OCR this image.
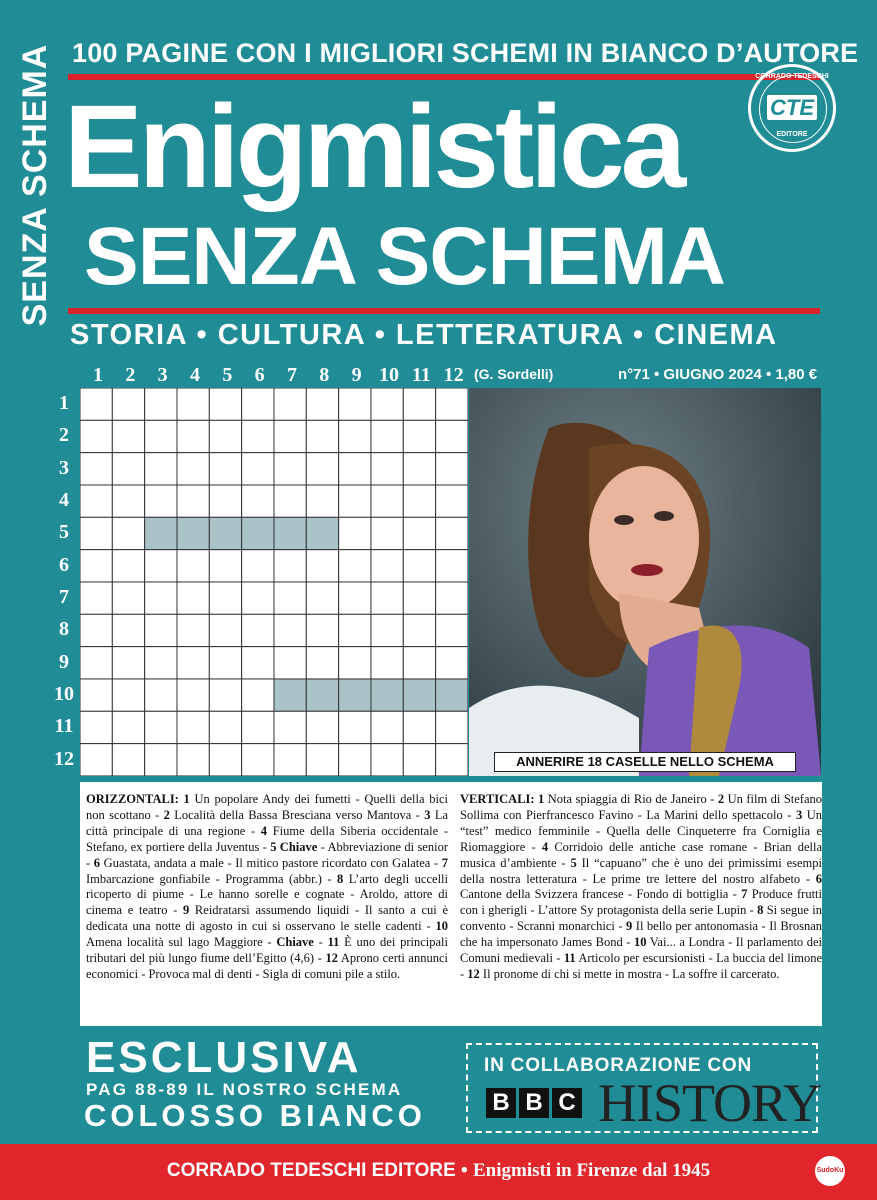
SENZA SCHEMA 100 PAGINE CON I MIGLIORI SCHEMI IN BIANCO D’AUTORE
CORRADO TEDESCHI
CTE
EDITORE
Enigmistica
SENZA SCHEMA
STORIA • CULTURA • LETTERATURA • CINEMA
1	2	3	4	5	6	7	8	9 10 11 12
1
2
3
4
5
6
7
8
9
10
11
12
(G. Sordelli)	n°71 • GIUGNO 2024 • 1,80 €
ANNERIRE 18 CASELLE NELLO SCHEMA
ORIZZONTALI: 1 Un popolare Andy dei fumetti - Quelli della bici non scottano - 2 Località della Bassa Bresciana verso Mantova - 3 La città principale di una regione - 4 Fiume della Siberia occidentale - Stefano, ex portiere della Juventus - 5 Chiave - Abbreviazione di senior - 6 Guastata, andata a male - Il mitico pastore ricordato con Galatea - 7 Imbarcazione gonfiabile - Programma (abbr.) - 8 L’arto degli uccelli ricoperto di piume - Le hanno sorelle e cognate - Aroldo, attore di cinema e teatro - 9 Reidratarsi assumendo liquidi - Il santo a cui è dedicata una notte di agosto in cui si osservano le stelle cadenti - 10 Amena località sul lago Maggiore - Chiave - 11 È uno dei principali tributari del più lungo fiume dell’Egitto (4,6) - 12 Aprono certi annunci economici - Provoca mal di denti - Sigla di comuni pile a stilo.
VERTICALI: 1 Nota spiaggia di Rio de Janeiro - 2 Un film di Stefano Sollima con Pierfrancesco Favino - La Marini dello spettacolo - 3 Un “test” medico femminile - Quella delle Cinqueterre fra Corniglia e Riomaggiore - 4 Corridoio delle antiche case romane - Brian della musica d’ambiente - 5 Il “capuano” che è uno dei primissimi esempi della nostra letteratura - Le prime tre lettere del nostro alfabeto - 6 Cantone della Svizzera francese - Fondo di bottiglia - 7 Produce frutti con i gherigli - L’attore Sy protagonista della serie Lupin - 8 Si segue in convento - Scranni monarchici - 9 Il bello per antonomasia - Il Brosnan che ha impersonato James Bond - 10 Vai... a Londra - Il parlamento dei Comuni medievali - 11 Articolo per escursionisti - La buccia del limone - 12 Il pronome di chi si mette in mostra - La soffre il carcerato.
ESCLUSIVA
PAG 88-89 IL NOSTRO SCHEMA
COLOSSO BIANCO
IN COLLABORAZIONE CON
B B C HISTORY
CORRADO TEDESCHI EDITORE • Enigmisti in Firenze dal 1945	SudoKu
